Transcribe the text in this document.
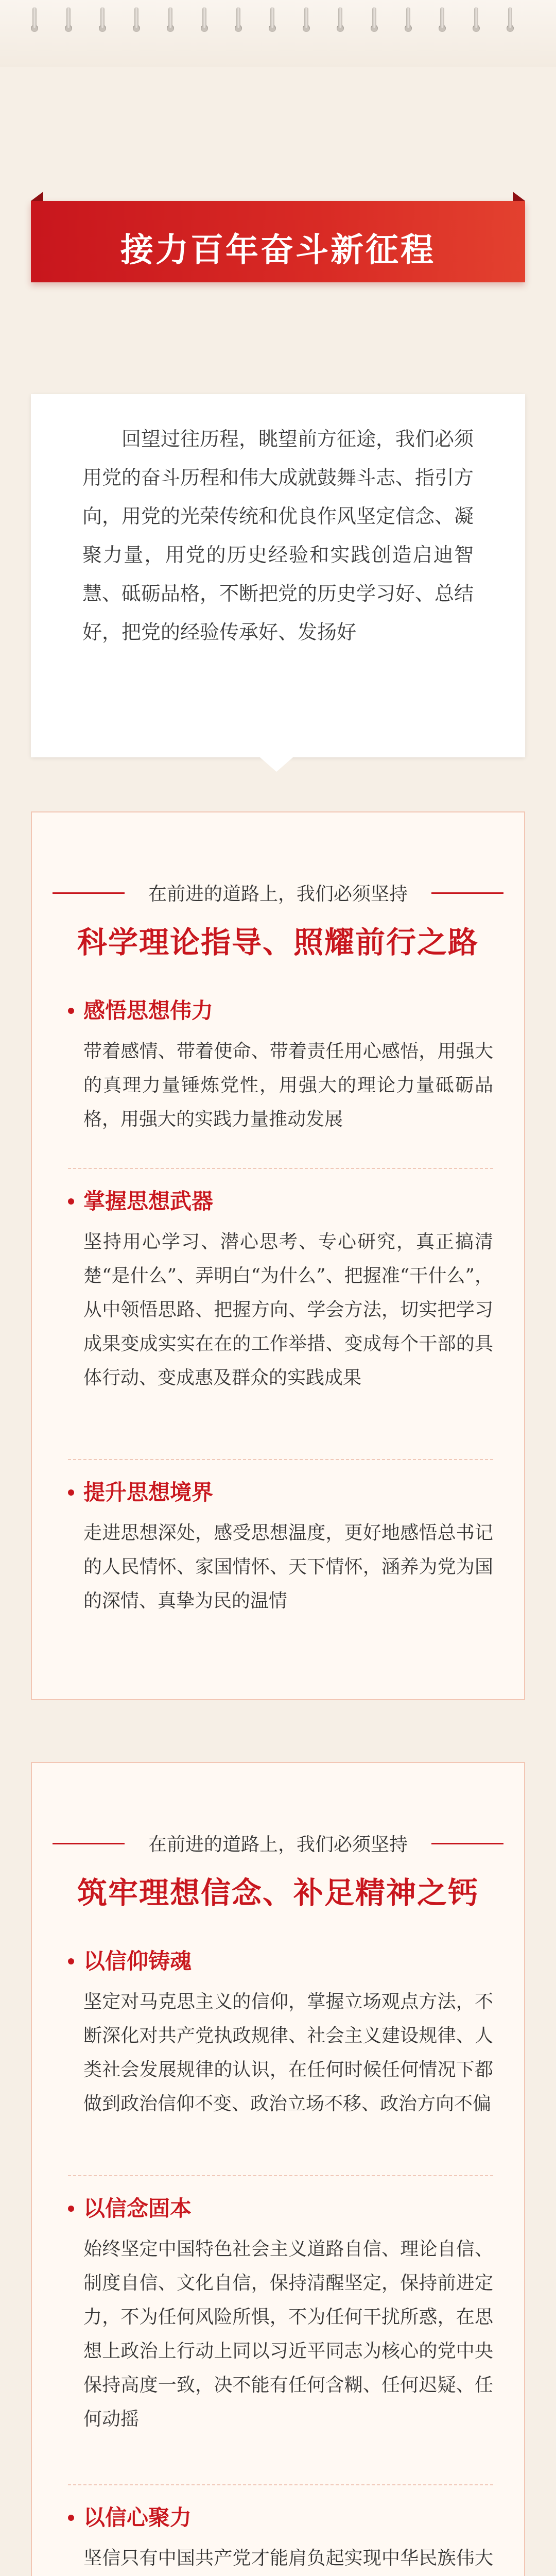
接力百年奋斗新征程
回望过往历程，眺望前方征途，我们必须用党的奋斗历程和伟大成就鼓舞斗志、指引方向，用党的光荣传统和优良作风坚定信念、凝聚力量，用党的历史经验和实践创造启迪智慧、砥砺品格，不断把党的历史学习好、总结好，把党的经验传承好、发扬好
在前进的道路上，我们必须坚持
科学理论指导、照耀前行之路
感悟思想伟力
带着感情、带着使命、带着责任用心感悟，用强大的真理力量锤炼党性，用强大的理论力量砥砺品格，用强大的实践力量推动发展
掌握思想武器
坚持用心学习、潜心思考、专心研究，真正搞清楚“是什么”、弄明白“为什么”、把握准“干什么”，从中领悟思路、把握方向、学会方法，切实把学习成果变成实实在在的工作举措、变成每个干部的具体行动、变成惠及群众的实践成果
提升思想境界
走进思想深处，感受思想温度，更好地感悟总书记的人民情怀、家国情怀、天下情怀，涵养为党为国的深情、真挚为民的温情
在前进的道路上，我们必须坚持
筑牢理想信念、补足精神之钙
以信仰铸魂
坚定对马克思主义的信仰，掌握立场观点方法，不断深化对共产党执政规律、社会主义建设规律、人类社会发展规律的认识，在任何时候任何情况下都做到政治信仰不变、政治立场不移、政治方向不偏
以信念固本
始终坚定中国特色社会主义道路自信、理论自信、制度自信、文化自信，保持清醒坚定，保持前进定力，不为任何风险所惧，不为任何干扰所惑，在思想上政治上行动上同以习近平同志为核心的党中央保持高度一致，决不能有任何含糊、任何迟疑、任何动摇
以信心聚力
坚信只有中国共产党才能肩负起实现中华民族伟大
